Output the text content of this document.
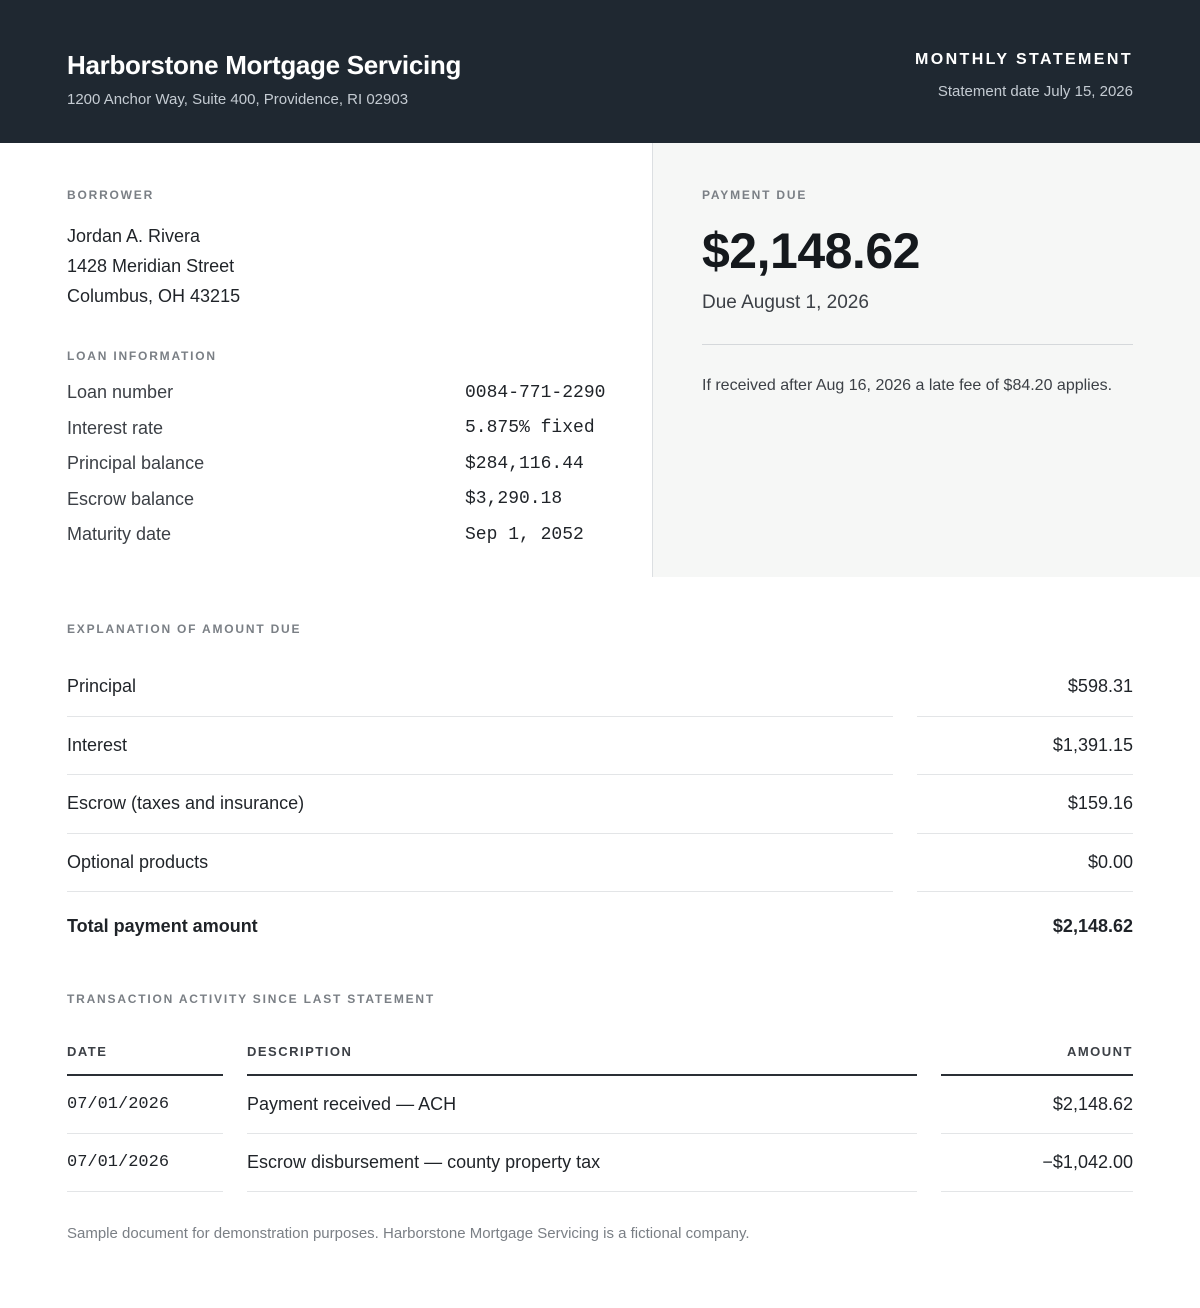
Harborstone Mortgage Servicing
1200 Anchor Way, Suite 400, Providence, RI 02903
MONTHLY STATEMENT
Statement date July 15, 2026
BORROWER
Jordan A. Rivera
1428 Meridian Street
Columbus, OH 43215
LOAN INFORMATION
Loan number	0084-771-2290
Interest rate	5.875% fixed
Principal balance	$284,116.44
Escrow balance	$3,290.18
Maturity date	Sep 1, 2052
PAYMENT DUE
$2,148.62
Due August 1, 2026
If received after Aug 16, 2026 a late fee of $84.20 applies.
EXPLANATION OF AMOUNT DUE
Principal	$598.31
Interest	$1,391.15
Escrow (taxes and insurance)	$159.16
Optional products	$0.00
Total payment amount	$2,148.62
TRANSACTION ACTIVITY SINCE LAST STATEMENT
DATE	DESCRIPTION	AMOUNT
07/01/2026	Payment received — ACH	$2,148.62
07/01/2026	Escrow disbursement — county property tax	−$1,042.00
Sample document for demonstration purposes. Harborstone Mortgage Servicing is a fictional company.
